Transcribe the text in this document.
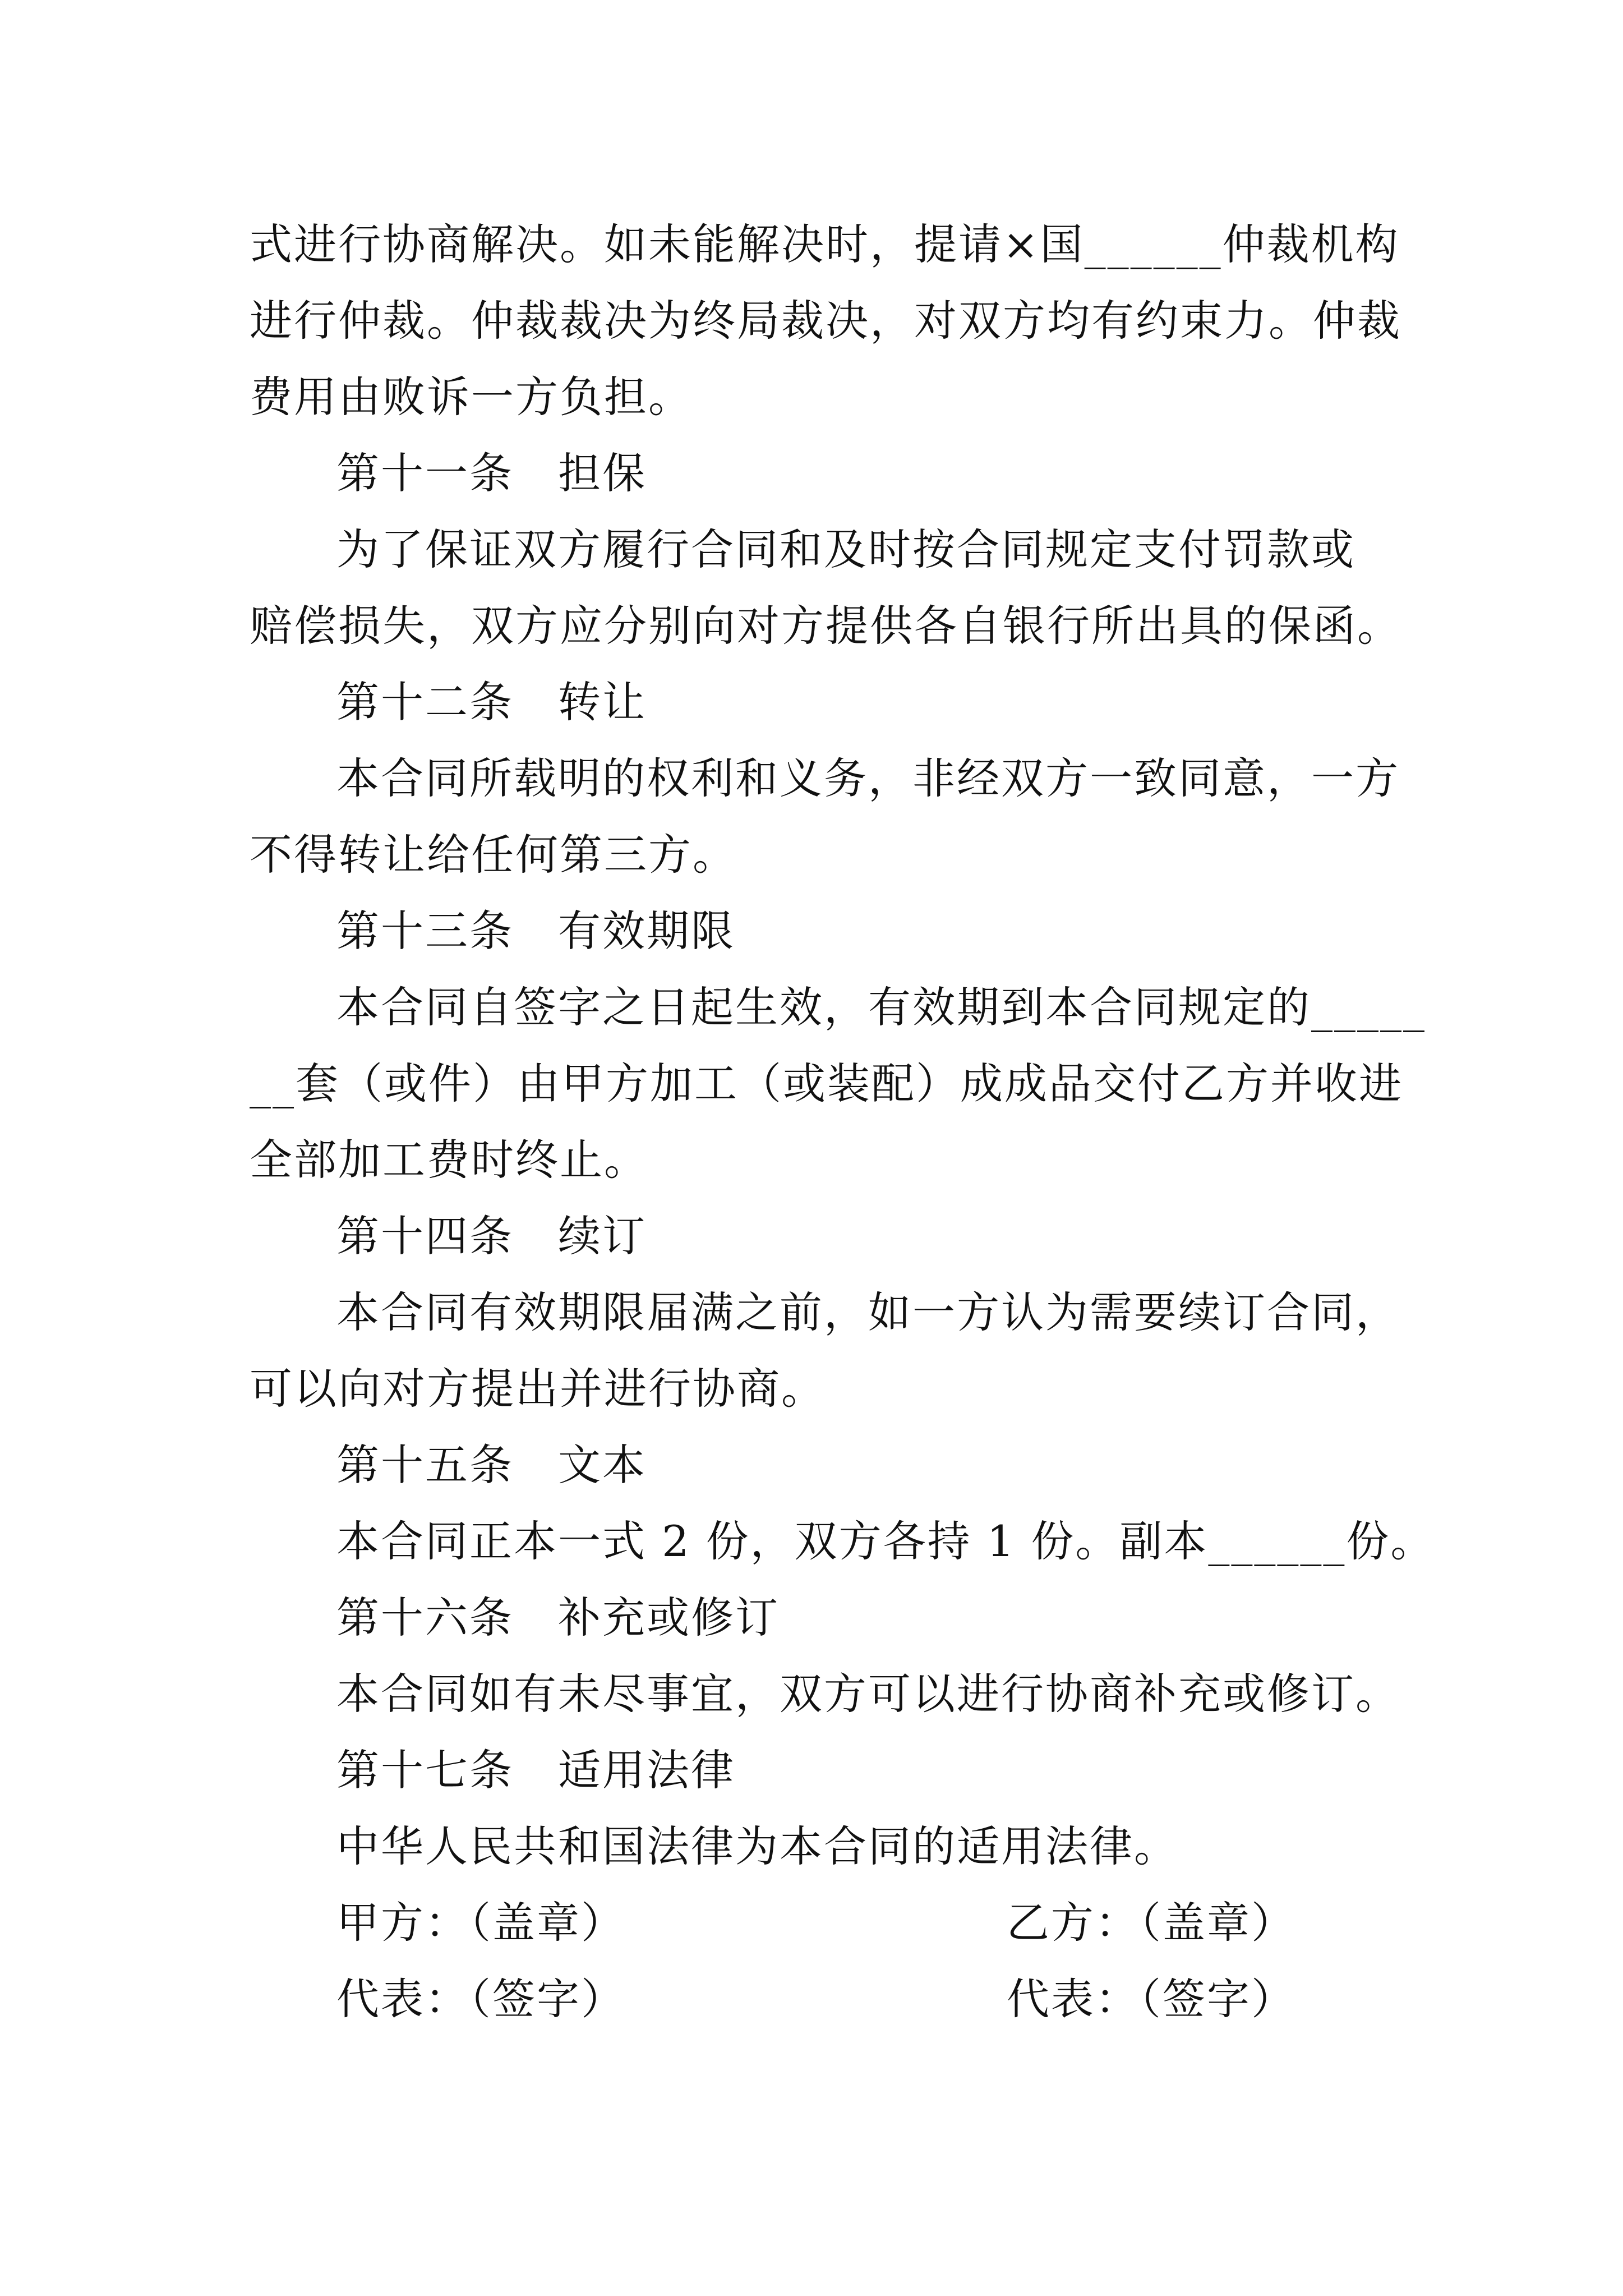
式进行协商解决。如未能解决时，提请×国______仲裁机构
进行仲裁。仲裁裁决为终局裁决，对双方均有约束力。仲裁
费用由败诉一方负担。
第十一条　担保
为了保证双方履行合同和及时按合同规定支付罚款或
赔偿损失，双方应分别向对方提供各自银行所出具的保函。
第十二条　转让
本合同所载明的权利和义务，非经双方一致同意，一方
不得转让给任何第三方。
第十三条　有效期限
本合同自签字之日起生效，有效期到本合同规定的_____
__套（或件）由甲方加工（或装配）成成品交付乙方并收进
全部加工费时终止。
第十四条　续订
本合同有效期限届满之前，如一方认为需要续订合同，
可以向对方提出并进行协商。
第十五条　文本
本合同正本一式 2 份，双方各持 1 份。副本______份。
第十六条　补充或修订
本合同如有未尽事宜，双方可以进行协商补充或修订。
第十七条　适用法律
中华人民共和国法律为本合同的适用法律。
甲方：（盖章）	乙方：（盖章）
代表：（签字）	代表：（签字）
